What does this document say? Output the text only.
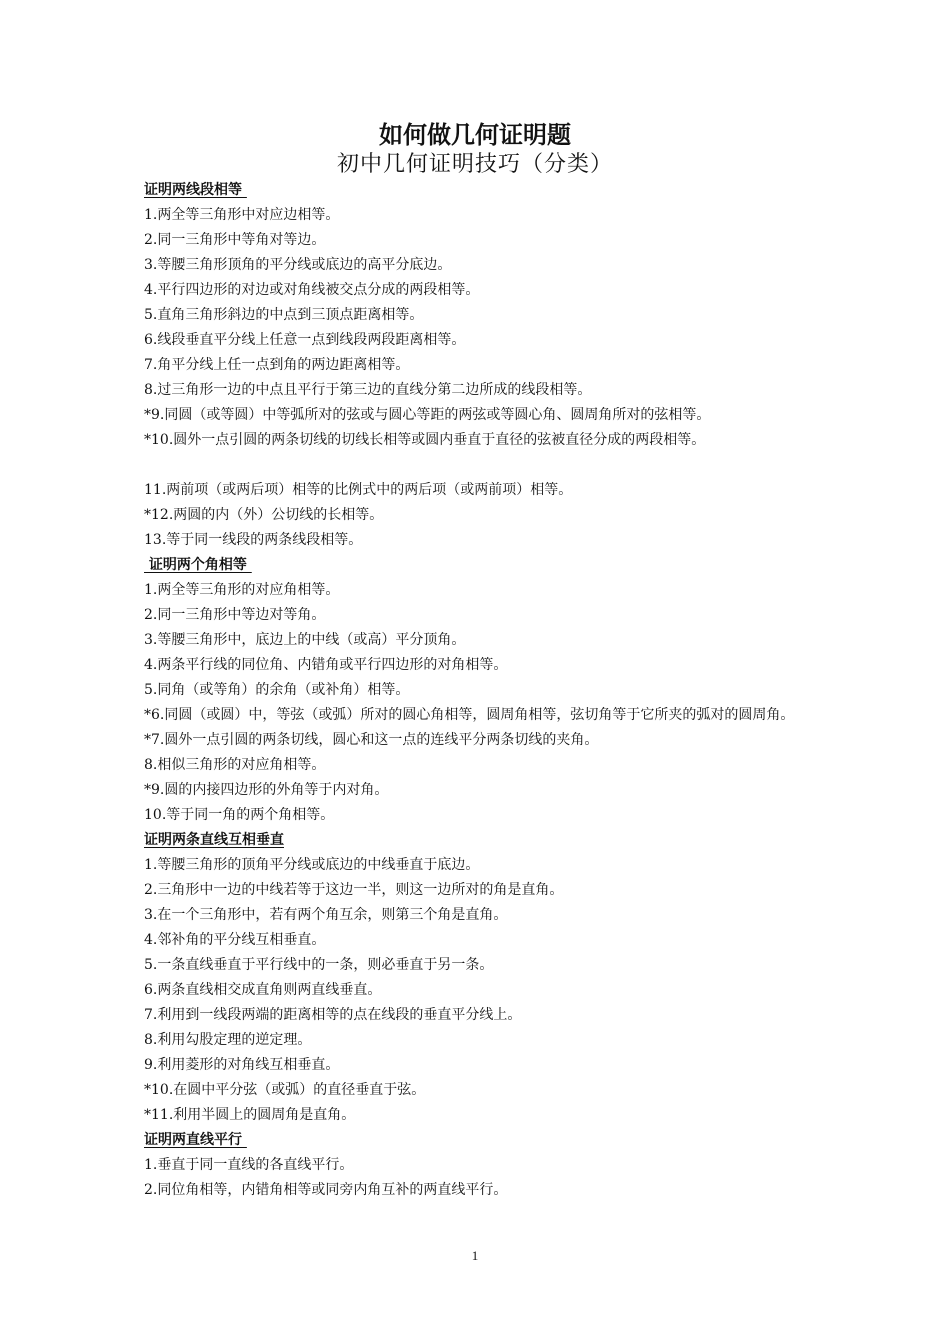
如何做几何证明题
初中几何证明技巧（分类）
证明两线段相等
1.两全等三角形中对应边相等。
2.同一三角形中等角对等边。
3.等腰三角形顶角的平分线或底边的高平分底边。
4.平行四边形的对边或对角线被交点分成的两段相等。
5.直角三角形斜边的中点到三顶点距离相等。
6.线段垂直平分线上任意一点到线段两段距离相等。
7.角平分线上任一点到角的两边距离相等。
8.过三角形一边的中点且平行于第三边的直线分第二边所成的线段相等。
*9.同圆（或等圆）中等弧所对的弦或与圆心等距的两弦或等圆心角、圆周角所对的弦相等。
*10.圆外一点引圆的两条切线的切线长相等或圆内垂直于直径的弦被直径分成的两段相等。
11.两前项（或两后项）相等的比例式中的两后项（或两前项）相等。
*12.两圆的内（外）公切线的长相等。
13.等于同一线段的两条线段相等。
证明两个角相等
1.两全等三角形的对应角相等。
2.同一三角形中等边对等角。
3.等腰三角形中，底边上的中线（或高）平分顶角。
4.两条平行线的同位角、内错角或平行四边形的对角相等。
5.同角（或等角）的余角（或补角）相等。
*6.同圆（或圆）中，等弦（或弧）所对的圆心角相等，圆周角相等，弦切角等于它所夹的弧对的圆周角。
*7.圆外一点引圆的两条切线，圆心和这一点的连线平分两条切线的夹角。
8.相似三角形的对应角相等。
*9.圆的内接四边形的外角等于内对角。
10.等于同一角的两个角相等。
证明两条直线互相垂直
1.等腰三角形的顶角平分线或底边的中线垂直于底边。
2.三角形中一边的中线若等于这边一半，则这一边所对的角是直角。
3.在一个三角形中，若有两个角互余，则第三个角是直角。
4.邻补角的平分线互相垂直。
5.一条直线垂直于平行线中的一条，则必垂直于另一条。
6.两条直线相交成直角则两直线垂直。
7.利用到一线段两端的距离相等的点在线段的垂直平分线上。
8.利用勾股定理的逆定理。
9.利用菱形的对角线互相垂直。
*10.在圆中平分弦（或弧）的直径垂直于弦。
*11.利用半圆上的圆周角是直角。
证明两直线平行
1.垂直于同一直线的各直线平行。
2.同位角相等，内错角相等或同旁内角互补的两直线平行。
1
